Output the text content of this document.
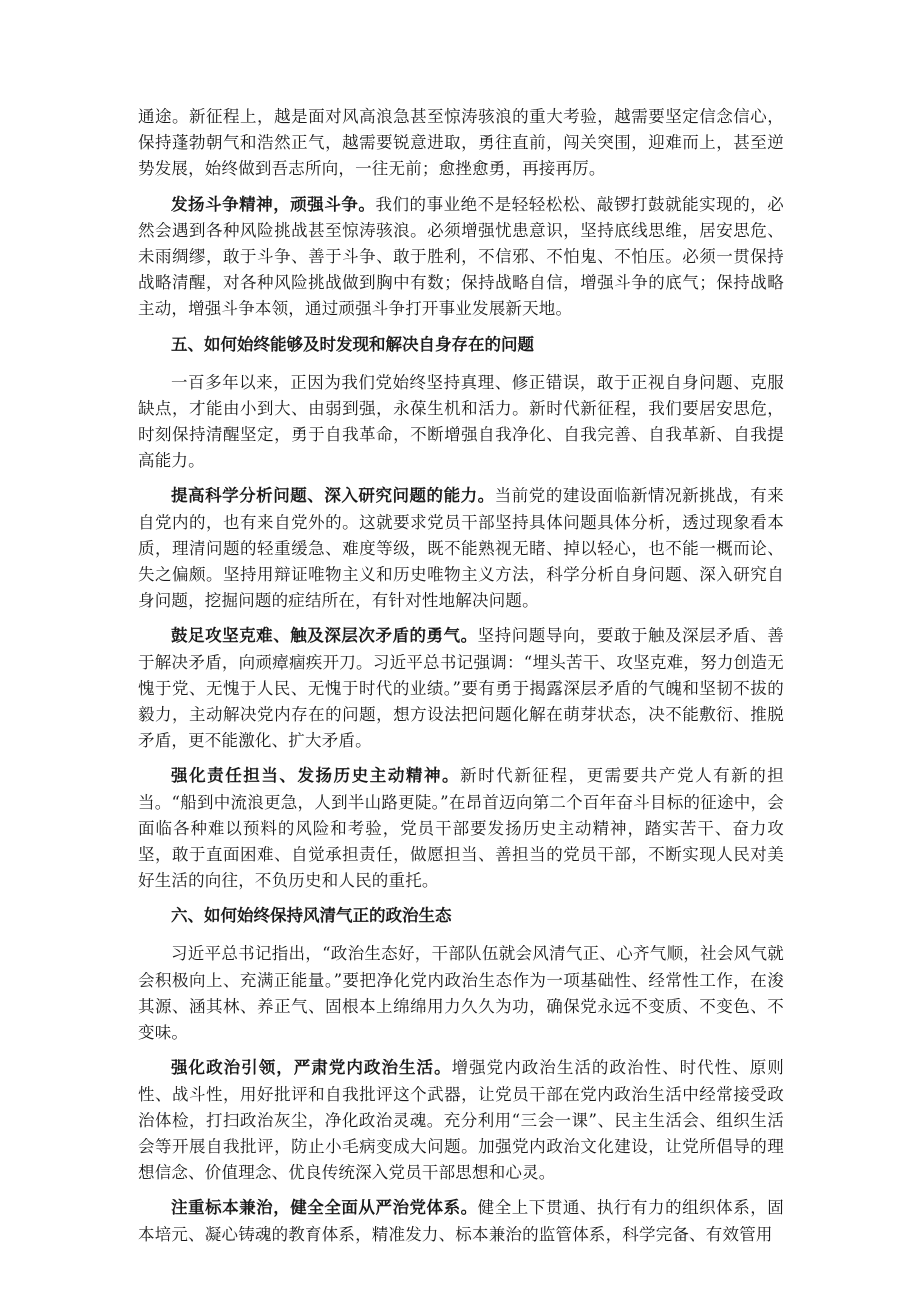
通途。新征程上，越是面对风高浪急甚至惊涛骇浪的重大考验，越需要坚定信念信心，保持蓬勃朝气和浩然正气，越需要锐意进取，勇往直前，闯关突围，迎难而上，甚至逆势发展，始终做到吾志所向，一往无前；愈挫愈勇，再接再厉。

发扬斗争精神，顽强斗争。我们的事业绝不是轻轻松松、敲锣打鼓就能实现的，必然会遇到各种风险挑战甚至惊涛骇浪。必须增强忧患意识，坚持底线思维，居安思危、未雨绸缪，敢于斗争、善于斗争、敢于胜利，不信邪、不怕鬼、不怕压。必须一贯保持战略清醒，对各种风险挑战做到胸中有数；保持战略自信，增强斗争的底气；保持战略主动，增强斗争本领，通过顽强斗争打开事业发展新天地。

五、如何始终能够及时发现和解决自身存在的问题

一百多年以来，正因为我们党始终坚持真理、修正错误，敢于正视自身问题、克服缺点，才能由小到大、由弱到强，永葆生机和活力。新时代新征程，我们要居安思危，时刻保持清醒坚定，勇于自我革命，不断增强自我净化、自我完善、自我革新、自我提高能力。

提高科学分析问题、深入研究问题的能力。当前党的建设面临新情况新挑战，有来自党内的，也有来自党外的。这就要求党员干部坚持具体问题具体分析，透过现象看本质，理清问题的轻重缓急、难度等级，既不能熟视无睹、掉以轻心，也不能一概而论、失之偏颇。坚持用辩证唯物主义和历史唯物主义方法，科学分析自身问题、深入研究自身问题，挖掘问题的症结所在，有针对性地解决问题。

鼓足攻坚克难、触及深层次矛盾的勇气。坚持问题导向，要敢于触及深层矛盾、善于解决矛盾，向顽瘴痼疾开刀。习近平总书记强调：“埋头苦干、攻坚克难，努力创造无愧于党、无愧于人民、无愧于时代的业绩。”要有勇于揭露深层矛盾的气魄和坚韧不拔的毅力，主动解决党内存在的问题，想方设法把问题化解在萌芽状态，决不能敷衍、推脱矛盾，更不能激化、扩大矛盾。

强化责任担当、发扬历史主动精神。新时代新征程，更需要共产党人有新的担当。“船到中流浪更急，人到半山路更陡。”在昂首迈向第二个百年奋斗目标的征途中，会面临各种难以预料的风险和考验，党员干部要发扬历史主动精神，踏实苦干、奋力攻坚，敢于直面困难、自觉承担责任，做愿担当、善担当的党员干部，不断实现人民对美好生活的向往，不负历史和人民的重托。

六、如何始终保持风清气正的政治生态

习近平总书记指出，“政治生态好，干部队伍就会风清气正、心齐气顺，社会风气就会积极向上、充满正能量。”要把净化党内政治生态作为一项基础性、经常性工作，在浚其源、涵其林、养正气、固根本上绵绵用力久久为功，确保党永远不变质、不变色、不变味。

强化政治引领，严肃党内政治生活。增强党内政治生活的政治性、时代性、原则性、战斗性，用好批评和自我批评这个武器，让党员干部在党内政治生活中经常接受政治体检，打扫政治灰尘，净化政治灵魂。充分利用“三会一课”、民主生活会、组织生活会等开展自我批评，防止小毛病变成大问题。加强党内政治文化建设，让党所倡导的理想信念、价值理念、优良传统深入党员干部思想和心灵。

注重标本兼治，健全全面从严治党体系。健全上下贯通、执行有力的组织体系，固本培元、凝心铸魂的教育体系，精准发力、标本兼治的监管体系，科学完备、有效管用
